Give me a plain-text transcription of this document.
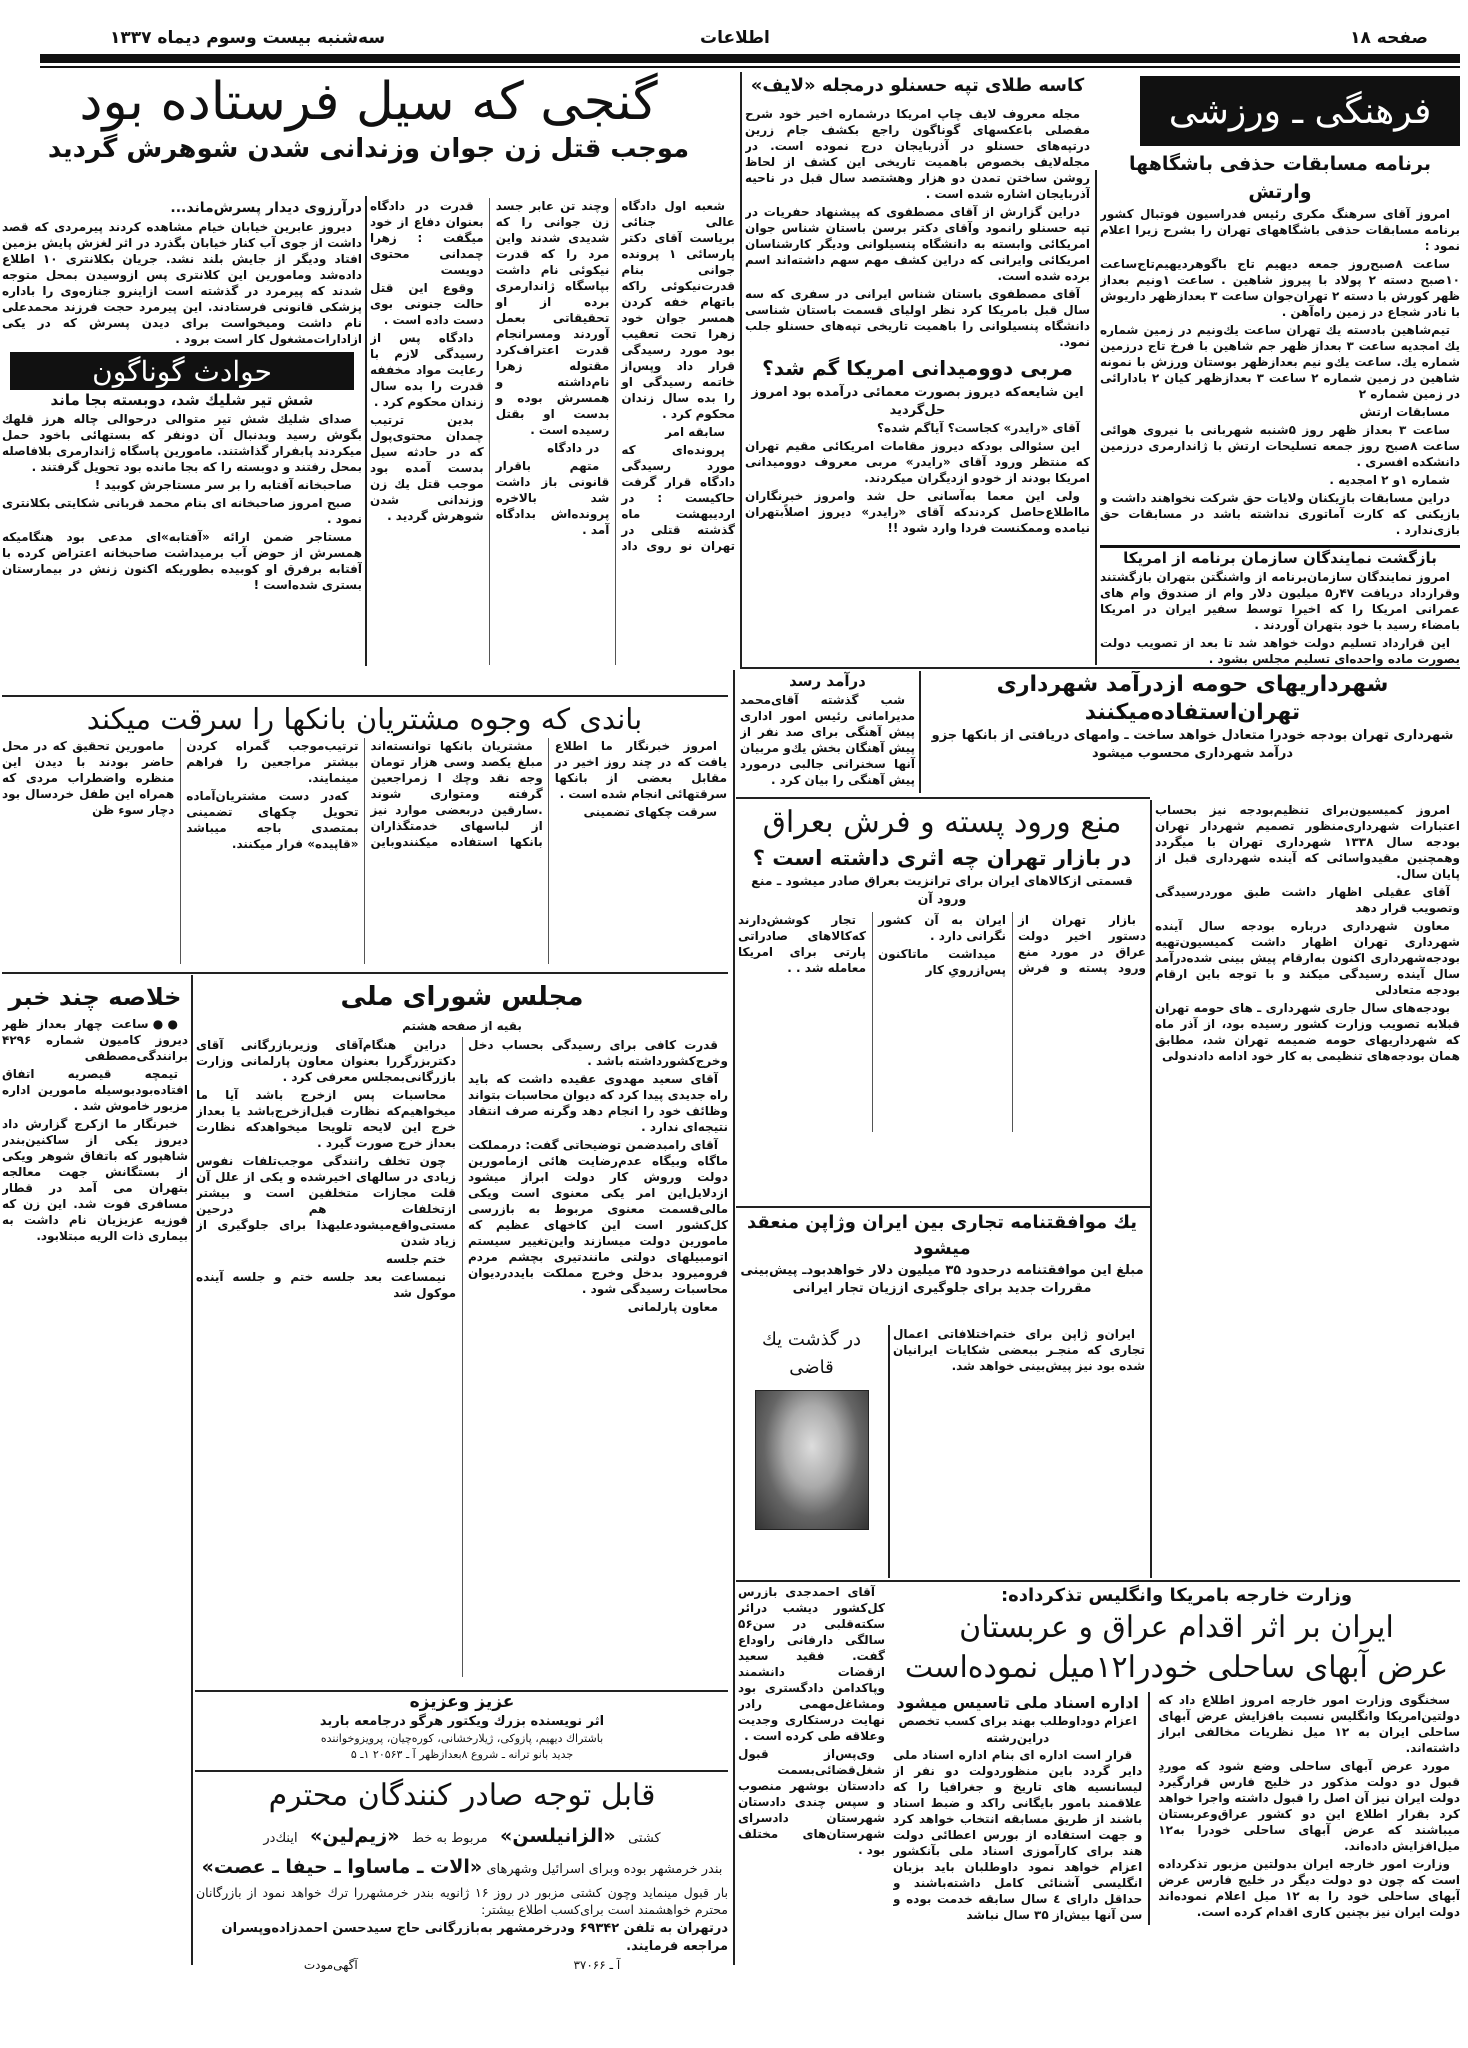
صفحه ۱۸
اطلاعات
سه‌شنبه بیست وسوم دیماه ۱۳۳۷
فرهنگی ـ ورزشی
برنامه مسابقات حذفی باشگاهها وارتش

امروز آقای سرهنگ مکری رئیس فدراسیون فوتبال کشور برنامه مسابقات حذفی باشگاههای تهران را بشرح زیرا اعلام نمود :

ساعت ۸صبح‌روز جمعه دیهیم تاج باگوهر‌دیهیم‌تاج‌ساعت ۱۰صبح دسته ۲ پولاد با پیروز شاهین . ساعت ۱ونیم بعداز ظهر کورش با دسته ۲ تهران‌جوان ساعت ۳ بعدازظهر داریوش با نادر شجاع در زمین راه‌آهن .

تیم‌شاهین بادسته یك تهران ساعت یك‌ونیم در زمین شماره یك امجدیه ساعت ۳ بعداز ظهر جم شاهین با فرخ تاج درزمین شماره یك. ساعت یك‌و نیم بعدازظهر بوستان ورزش با نمونه شاهین در زمین شماره ۲ ساعت ۳ بعدازظهر کیان ۲ بادارائی در زمین شماره ۲

مسابقات ارتش

ساعت ۳ بعداز ظهر روز ۵شنبه شهربانی با نیروی هوائی ساعت ۸صبح روز جمعه تسلیحات ارتش با ژاندارمری درزمین دانشکده افسری .

شماره ۱و ۲ امجدیه .

دراین مسابقات بازیکنان ولایات حق شرکت نخواهند داشت و بازیکنی که کارت آماتوری نداشته باشد در مسابقات حق بازی‌ندارد .

بازگشت نمایندگان سازمان برنامه از امریکا

امروز نمایندگان سازمان‌برنامه از واشنگتن بتهران بازگشتند وقرارداد دریافت ۴۷ر۵ میلیون دلار وام از صندوق وام های عمرانی امریکا را که اخیرا توسط سفیر ایران در امریکا بامضاء رسید با خود بتهران آوردند .

این قرارداد تسلیم دولت خواهد شد تا بعد از تصویب دولت بصورت ماده واحده‌ای تسلیم مجلس بشود .

کاسه طلای تپه حسنلو درمجله «لایف»

مجله معروف لایف چاپ امریکا درشماره اخیر خود شرح مفصلی باعکسهای گوناگون راجع بکشف جام زرین درتپه‌های حسنلو در آذربایجان درج نموده است. در مجله‌لایف بخصوص باهمیت تاریخی این کشف از لحاظ روشن ساختن تمدن دو هزار وهشتصد سال قبل در ناحیه آذربایجان اشاره شده است .

دراین گزارش از آقای مصطفوی که پیشنهاد حفریات در تپه حسنلو رانمود وآقای دکتر برسن باستان شناس جوان امریکائی وابسته به دانشگاه پنسیلوانی ودیگر کارشناسان امریکائی وایرانی که دراین کشف مهم سهم داشته‌اند اسم برده شده است.

آقای مصطفوی باستان شناس ایرانی در سفری که سه سال قبل بامریکا کرد نظر اولیای قسمت باستان شناسی دانشگاه پنسیلوانی را باهمیت تاریخی تپه‌های حسنلو جلب نمود.

مربی دوومیدانی امریکا گم شد؟
این شایعه‌که دیروز بصورت معمائی درآمده بود امروز حل‌گردید

آقای «رایدر» کجاست؟ آیاگم شده؟

این سئوالی بودکه دیروز مقامات امریکائی مقیم تهران که منتظر ورود آقای «رایدر» مربی معروف دوومیدانی امریکا بودند از خودو ازدیگران میکردند.

ولی این معما به‌آسانی حل شد وامروز خبرنگاران ما‌اطلاع‌حاصل کردندکه آقای «رایدر» دیروز اصلاًبتهران نیامده وممکنست فردا وارد شود !!

گنجی که سیل فرستاده بود
موجب قتل زن جوان وزندانی شدن شوهرش گردید

شعبه اول دادگاه عالی جنائی بریاست آقای دکتر پارسائی ۱ پرونده جوانی بنام قدرت‌نیکوئی راکه باتهام خفه کردن همسر جوان خود زهرا تحت تعقیب بود مورد رسیدگی قرار داد وپس‌از خاتمه رسیدگی او را بده سال زندان محکوم کرد .

سابقه امر

پرونده‌ای که مورد رسیدگی دادگاه قرار گرفت حاکیست : در اردیبهشت ماه گذشته قتلی در تهران نو روی داد وچند تن عابر جسد زن جوانی را که شدیدی شدند واین مرد را که قدرت نیکوئی نام داشت بپاسگاه ژاندارمری برده از او تحقیقاتی بعمل آوردند ومسرانجام قدرت اعتراف‌کرد مقتوله زهرا نام‌داشته و همسرش بوده و بدست او بقتل رسیده است .

در دادگاه

متهم باقرار قانونی باز داشت شد بالاخره پرونده‌اش بدادگاه آمد .

قدرت در دادگاه بعنوان دفاع از خود میگفت : زهرا چمدانی محتوی دویست

وقوع این قتل حالت جنونی بوی دست داده است .

دادگاه پس از رسیدگی لازم با رعایت مواد مخففه قدرت را بده سال زندان محکوم کرد .

بدین ترتیب چمدان محتوی‌پول که در حادثه سیل بدست آمده بود موجب قتل یك زن وزندانی شدن شوهرش گردید .

درآرزوی دیدار پسرش‌ماند...

دیروز عابرین خیابان خیام مشاهده کردند پیرمردی که قصد داشت از جوی آب کنار خیابان بگذرد در اثر لغزش پایش بزمین افتاد ودیگر از جایش بلند نشد. جریان بکلانتری ۱۰ اطلاع داده‌شد ومامورین این کلانتری پس ازوسیدن بمحل متوجه شدند که پیرمرد در گذشته است ازاینرو جنازه‌وی را باداره پزشکی قانونی فرستادند. این پیرمرد حجت فرزند محمدعلی نام داشت ومیخواست برای دیدن پسرش که در یکی ازادارات‌مشغول کار است برود .

حوادث گوناگون
شش تیر شلیك شد، دوبسته بجا ماند

صدای شلیك شش تیر متوالی درحوالی چاله هرز قلهك بگوش رسید وبدنبال آن دونفر که بستها‌ئی باخود حمل میکردند پابفرار گذاشتند. مامورین پاسگاه ژاندارمری بلافاصله بمحل رفتند و دوبسته را که بجا مانده بود تحویل گرفتند .

صاحبخانه آفتابه را بر سر مستاجرش کوبید !

صبح امروز صاحبخانه ای بنام محمد قربانی شکایتی بکلانتری نمود .

مستاجر ضمن ارائه «آفتابه»ای مدعی بود هنگامیکه همسرش از حوض آب برمیداشت صاحبخانه اعتراض کرده با آفتابه برفرق او کوبیده بطوریکه اکنون زنش در بیمارستان بستری شده‌است !

باندی که وجوه مشتریان بانکها را سرقت میکند

امروز خبرنگار ما اطلاع یافت که در چند روز اخیر در مقابل بعضی از بانکها سرقتهائی انجام شده است .

سرقت چکهای تضمینی

مشتریان بانکها توانسته‌اند مبلغ یکصد وسی هزار تومان وجه نقد وچك ا زمراجعین گرفته ومتواری شوند .سارقین دربعضی موارد نیز از لباسهای خدمتگذاران بانکها استفاده میکنندو‌باین ترتیب‌موجب گمراه کردن بیشتر مراجعین را فراهم مینمایند.

کەدر دست مشتریان‌آماده تحویل چکهای تضمینی بمتصدی باجه میباشد «قاپیده» فرار میکنند.

مامورین تحقیق که در محل حاضر بودند با دیدن این منظره واضطراب مردی که همراه این طفل خردسال بود دچار سوء ظن

خلاصه چند خبر

●●ساعت چهار بعداز ظهر دیروز کامیون شماره ۴۲۹۶ برانندگی‌مصطفی

تیمچه قیصریه اتفاق افتاده‌بودبوسیله مامورین اداره مزبور خاموش شد .

خبرنگار ما ازکرج گزارش داد دیروز یکی از ساکنین‌بندر شاهپور که باتفاق شوهر ویکی از بستگانش جهت معالجه بتهران می آمد در قطار مسافری فوت شد. این زن که فوزیه عزیزیان نام داشت به بیماری ذات الریه مبتلابود.

مجلس شورای ملی
بقیه از صفحه هشتم

قدرت کافی برای رسیدگی بحساب دخل وخرج‌کشورداشته باشد .

آقای سعید مهدوی عقیده داشت که باید راه جدیدی پیدا کرد که دیوان محاسبات بتواند وظائف خود را انجام دهد وگرنه صرف انتقاد نتیجه‌ای ندارد .

آقای رامبدضمن توضیحاتی گفت: درمملکت ماگاه وبیگاه عدم‌رضایت هائی ازمامورین دولت وروش کار دولت ابراز میشود ازدلایل‌این امر یکی معنوی است ویکی مالی‌قسمت معنوی مربوط به بازرسی کل‌کشور است این کاخهای عظیم که مامورین دولت میسازند واین‌تغییر سیستم اتومبیلهای دولتی مانندتیری بچشم مردم فرومیرود بدخل وخرج مملکت بایددردیوان محاسبات رسیدگی شود .

معاون پارلمانی

دراین هنگام‌آقای وزیربازرگانی آقای دکتربزرگررا بعنوان معاون پارلمانی وزارت بازرگانی‌بمجلس معرفی کرد .

محاسبات پس ازخرج باشد آیا ما میخواهیم‌که نظارت قبل‌ازخرج‌باشد یا بعداز خرج این لایحه تلویحا میخواهدکه نظارت بعداز خرج صورت گیرد .

چون تخلف رانندگی موجب‌تلفات نفوس زیادی در سالهای اخیرشده و یکی از علل آن قلت مجازات متخلفین است و بیشتر ازتخلفات هم درحین مستی‌واقع‌میشودعلیهذا برای جلوگیری از زیاد شدن

ختم جلسه

نیمساعت بعد جلسه ختم و جلسه آینده موکول شد

درآمد رسد

شب گذشته آقای‌محمد مدیرامانی رئیس امور اداری پیش آهنگی برای صد نفر از پیش آهنگان بخش یك‌و مربیان آنها سخنرانی جالبی درمورد پیش آهنگی را بیان کرد .

شهرداریهای حومه ازدرآمد شهرداری تهران‌استفاده‌میکنند
شهرداری تهران بودجه خودرا متعادل خواهد ساخت ـ وامهای دریافتی از بانکها جزو درآمد شهرداری محسوب میشود

امروز کمیسیون‌برای تنظیم‌بودجه نیز بحساب اعتبارات شهرداری‌منظور تصمیم شهردار تهران بودجه سال ۱۳۳۸ شهرداری تهران با میگردد وهمچنین مقیدواسائی که آینده شهرداری قبل از پایان سال.

آقای عقیلی اظهار داشت طبق موردرسیدگی وتصویب قرار دهد

معاون شهرداری درباره بودجه سال آینده شهرداری تهران اظهار داشت کمیسیون‌تهیه بودجه‌شهرداری اکنون بەارقام پیش بینی شده‌درآمد سال آینده رسیدگی میکند و با توجه باین ارقام بودجه متعادلی

بودجه‌های سال جاری شهرداری ـ های حومه تهران قبلابه تصویب وزارت کشور رسیده بود، از آذر ماه که شهرداریهای حومه ضمیمه تهران شد، مطابق همان بودجه‌های تنظیمی به کار خود ادامه دادندولی

منع ورود پسته و فرش بعراق
در بازار تهران چه اثری داشته است ؟
قسمتی ازکالاهای ایران برای ترانزیت بعراق صادر میشود ـ منع ورود آن

بازار تهران از دستور اخیر دولت عراق در مورد منع ورود پسته و فرش ایران به آن کشور نگرانی دارد .

میداشت ماتاکنون پس‌ازرویِ کار

تجار کوشش‌دارند که‌کالاهای صادراتی پارتی برای امریکا معامله شد . .

یك موافقتنامه تجاری بین ایران وژاپن منعقد میشود
مبلغ این موافقتنامه درحدود ۳۵ میلیون دلار خواهدبودـ پیش‌بینی مقررات جدید برای جلوگیری اززیان تجار ایرانی

ایران‌و ژاپن برای ختم‌اختلافاتی اعمال تجاری که منجـر ببعضی شکایات ایرانیان شده بود نیز پیش‌بینی خواهد شد.

در گذشت یك قاضی

آقای احمدجدی بازرس کل‌کشور دیشب درائر سکته‌قلبی در سن۵۶ سالگی دارفانی راوداع گفت. فقید سعید ازقضات دانشمند وپاکدامن دادگستری بود ومشاغل‌مهمی رادر نهایت درستکاری وجدیت وعلاقه طی کرده است .

وی‌پس‌از قبول شغل‌قضائی‌بسمت دادستان بوشهر منصوب و سپس چندی دادستان شهرستان دادسرای شهرستان‌های مختلف بود .

وزارت خارجه بامریکا وانگلیس تذکرداده:
ایران بر اثر اقدام عراق و عربستان
عرض آبهای ساحلی خودرا۱۲میل نموده‌است

سخنگوی وزارت امور خارجه امروز اطلاع داد که دولتین‌امریکا وانگلیس نسبت بافزایش عرض آبهای ساحلی ایران به ۱۲ میل نظریات مخالفی ابراز داشته‌اند.

مورد عرض آبهای ساحلی وضع شود که موردِ قبول دو دولت مذکور در خلیج فارس قرارگیرد دولت ایران نیز آن اصل را قبول داشته واجرا خواهد کرد بقرار اطلاع این دو کشور عراق‌وعربستان میباشند که عرض آبهای ساحلی خودرا به‌۱۲ میل‌افزایش داده‌اند.

وزارت امور خارجه ایران بدولتین مزبور تذکرداده است که چون دو دولت دیگر در خلیج فارس عرض آبهای ساحلی خود را به ۱۲ میل اعلام نموده‌اند دولت ایران نیز بچنین کاری اقدام کرده است.

اداره اسناد ملی تاسیس میشود
اعزام دوداوطلب بهند برای کسب تخصص دراین‌رشته

قرار است اداره ای بنام اداره اسناد ملی دایر گردد باین منظوردولت دو نفر از لیسانسیه های تاریخ و جغرافیا را که علاقمند بامور بایگانی راکد و ضبط اسناد باشند از طریق مسابقه انتخاب خواهد کرد و جهت استفاده از بورس اعطائی دولت هند برای کارآموزی اسناد ملی بآنکشور اعزام خواهد نمود داوطلبان باید بزبان انگلیسی آشنائی کامل داشته‌باشند و حداقل دارای ٤ سال سابقه خدمت بوده و سن آنها بیش‌از ۳۵ سال نباشد

عزیز وعزیزه
اثر نویسنده بزرك ویکتور هرگو درجامعه باربد
باشتراك دیهیم، پازوکی، ژیلارخشانی، کورەچیان، پرویزوخوانندە
جدید بانو ترانه ـ شروع ۸بعدازظهر آ ـ ۲۰۵۶۳ ۱ـ ۵
قابل توجه صادر کنندگان محترم
کشتی   «الزانیلسن»   مربوط به خط   «زیم‌لین»   اینك‌در
بندر خرمشهر بوده وبرای اسرائیل وشهرهای «الات ـ ماساوا ـ حیفا ـ عصت»
بار قبول مینماید وچون کشتی مزبور در روز ۱۶ ژانویه بندر خرمشهررا ترك خواهد نمود از بازرگانان محترم خواهشمند است برای‌کسب اطلاع بیشتر:
درتهران به تلفن ۶۹۳۴۲ ودرخرمشهر به‌بازرگانی حاج سیدحسن احمدزاده‌وپسران مراجعه فرمایند.
آ ـ ۳۷۰۶۶
آگهی‌مودت
